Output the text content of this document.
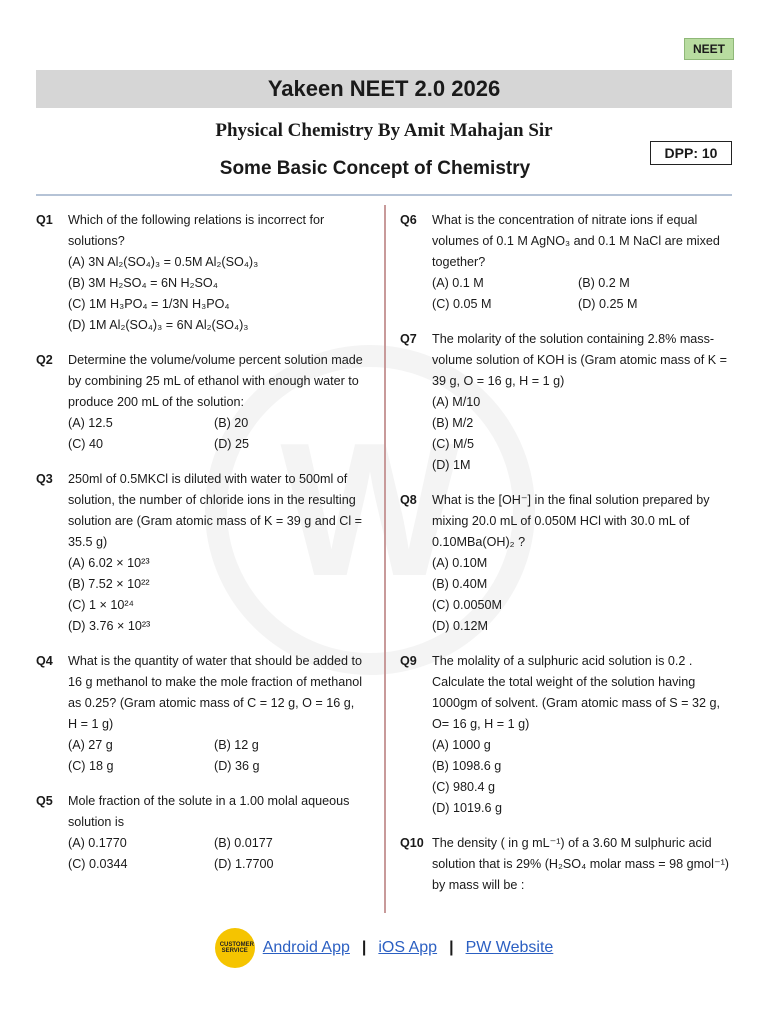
NEET
Yakeen NEET 2.0 2026
Physical Chemistry By Amit Mahajan Sir
Some Basic Concept of Chemistry
DPP: 10
Q1 Which of the following relations is incorrect for solutions?
(A) 3N Al₂(SO₄)₃ = 0.5M Al₂(SO₄)₃
(B) 3M H₂SO₄ = 6N H₂SO₄
(C) 1M H₃PO₄ = 1/3N H₃PO₄
(D) 1M Al₂(SO₄)₃ = 6N Al₂(SO₄)₃
Q2 Determine the volume/volume percent solution made by combining 25 mL of ethanol with enough water to produce 200 mL of the solution:
(A) 12.5	(B) 20
(C) 40	(D) 25
Q3 250ml of 0.5MKCl is diluted with water to 500ml of solution, the number of chloride ions in the resulting solution are (Gram atomic mass of K = 39 g and Cl = 35.5 g)
(A) 6.02 × 10²³
(B) 7.52 × 10²²
(C) 1 × 10²⁴
(D) 3.76 × 10²³
Q4 What is the quantity of water that should be added to 16 g methanol to make the mole fraction of methanol as 0.25? (Gram atomic mass of C = 12 g, O = 16 g, H = 1 g)
(A) 27 g	(B) 12 g
(C) 18 g	(D) 36 g
Q5 Mole fraction of the solute in a 1.00 molal aqueous solution is
(A) 0.1770	(B) 0.0177
(C) 0.0344	(D) 1.7700
Q6 What is the concentration of nitrate ions if equal volumes of 0.1 M AgNO₃ and 0.1 M NaCl are mixed together?
(A) 0.1 M	(B) 0.2 M
(C) 0.05 M	(D) 0.25 M
Q7 The molarity of the solution containing 2.8% mass-volume solution of KOH is (Gram atomic mass of K = 39 g, O = 16 g, H = 1 g)
(A) M/10
(B) M/2
(C) M/5
(D) 1M
Q8 What is the [OH⁻] in the final solution prepared by mixing 20.0 mL of 0.050M HCl with 30.0 mL of 0.10MBa(OH)₂ ?
(A) 0.10M
(B) 0.40M
(C) 0.0050M
(D) 0.12M
Q9 The molality of a sulphuric acid solution is 0.2 . Calculate the total weight of the solution having 1000gm of solvent. (Gram atomic mass of S = 32 g, O= 16 g, H = 1 g)
(A) 1000 g
(B) 1098.6 g
(C) 980.4 g
(D) 1019.6 g
Q10 The density ( in g mL⁻¹) of a 3.60 M sulphuric acid solution that is 29% (H₂SO₄ molar mass = 98 gmol⁻¹) by mass will be :
CUSTOMER SERVICE Android App | iOS App | PW Website
